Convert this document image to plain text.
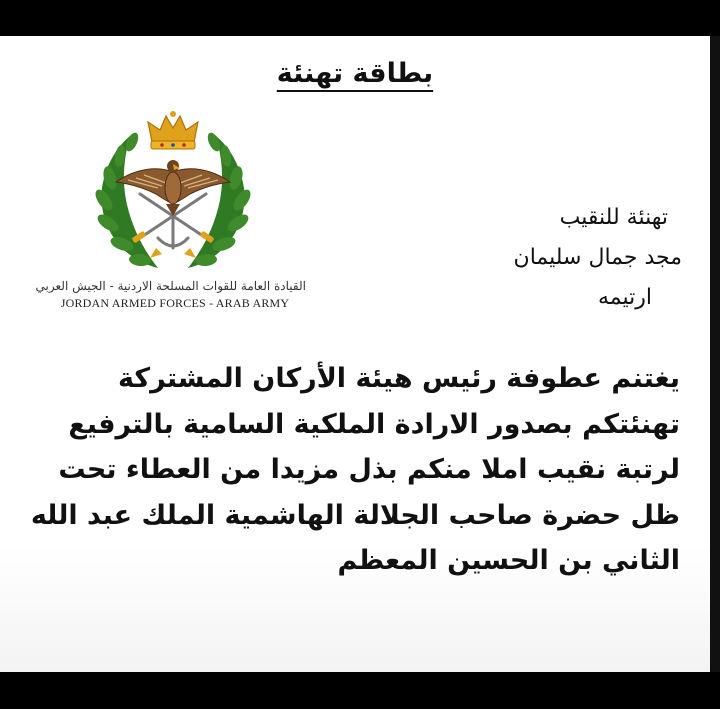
بطاقة تهنئة
القيادة العامة للقوات المسلحة الاردنية - الجيش العربي
JORDAN ARMED FORCES - ARAB ARMY
تهنئة للنقيب
مجد جمال سليمان
ارتيمه
يغتنم عطوفة رئيس هيئة الأركان المشتركة
تهنئتكم بصدور الارادة الملكية السامية بالترفيع
لرتبة نقيب املا منكم بذل مزيدا من العطاء تحت
ظل حضرة صاحب الجلالة الهاشمية الملك عبد الله
الثاني بن الحسين المعظم
